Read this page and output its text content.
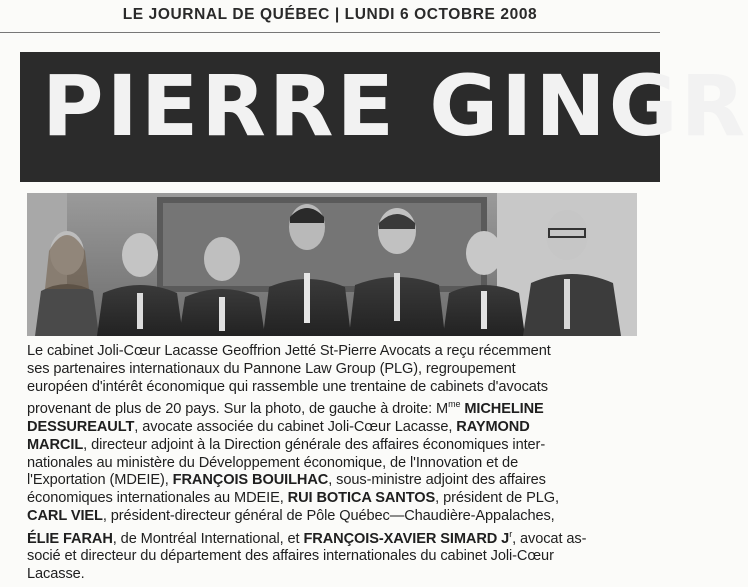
LE JOURNAL DE QUÉBEC | LUNDI 6 OCTOBRE 2008
PIERRE GINGR
Le cabinet Joli-Cœur Lacasse Geoffrion Jetté St-Pierre Avocats a reçu récemment
ses partenaires internationaux du Pannone Law Group (PLG), regroupement
européen d'intérêt économique qui rassemble une trentaine de cabinets d'avocats
provenant de plus de 20 pays. Sur la photo, de gauche à droite: $M^{me}$ MICHELINE
DESSUREAULT, avocate associée du cabinet Joli-Cœur Lacasse, RAYMOND
MARCIL, directeur adjoint à la Direction générale des affaires économiques inter-
nationales au ministère du Développement économique, de l'Innovation et de
l'Exportation (MDEIE), FRANÇOIS BOUILHAC, sous-ministre adjoint des affaires
économiques internationales au MDEIE, RUI BOTICA SANTOS, président de PLG,
CARL VIEL, président-directeur général de Pôle Québec—Chaudière-Appalaches,
ÉLIE FARAH, de Montréal International, et FRANÇOIS-XAVIER SIMARD $J^r$, avocat as-
socié et directeur du département des affaires internationales du cabinet Joli-Cœur
Lacasse.
